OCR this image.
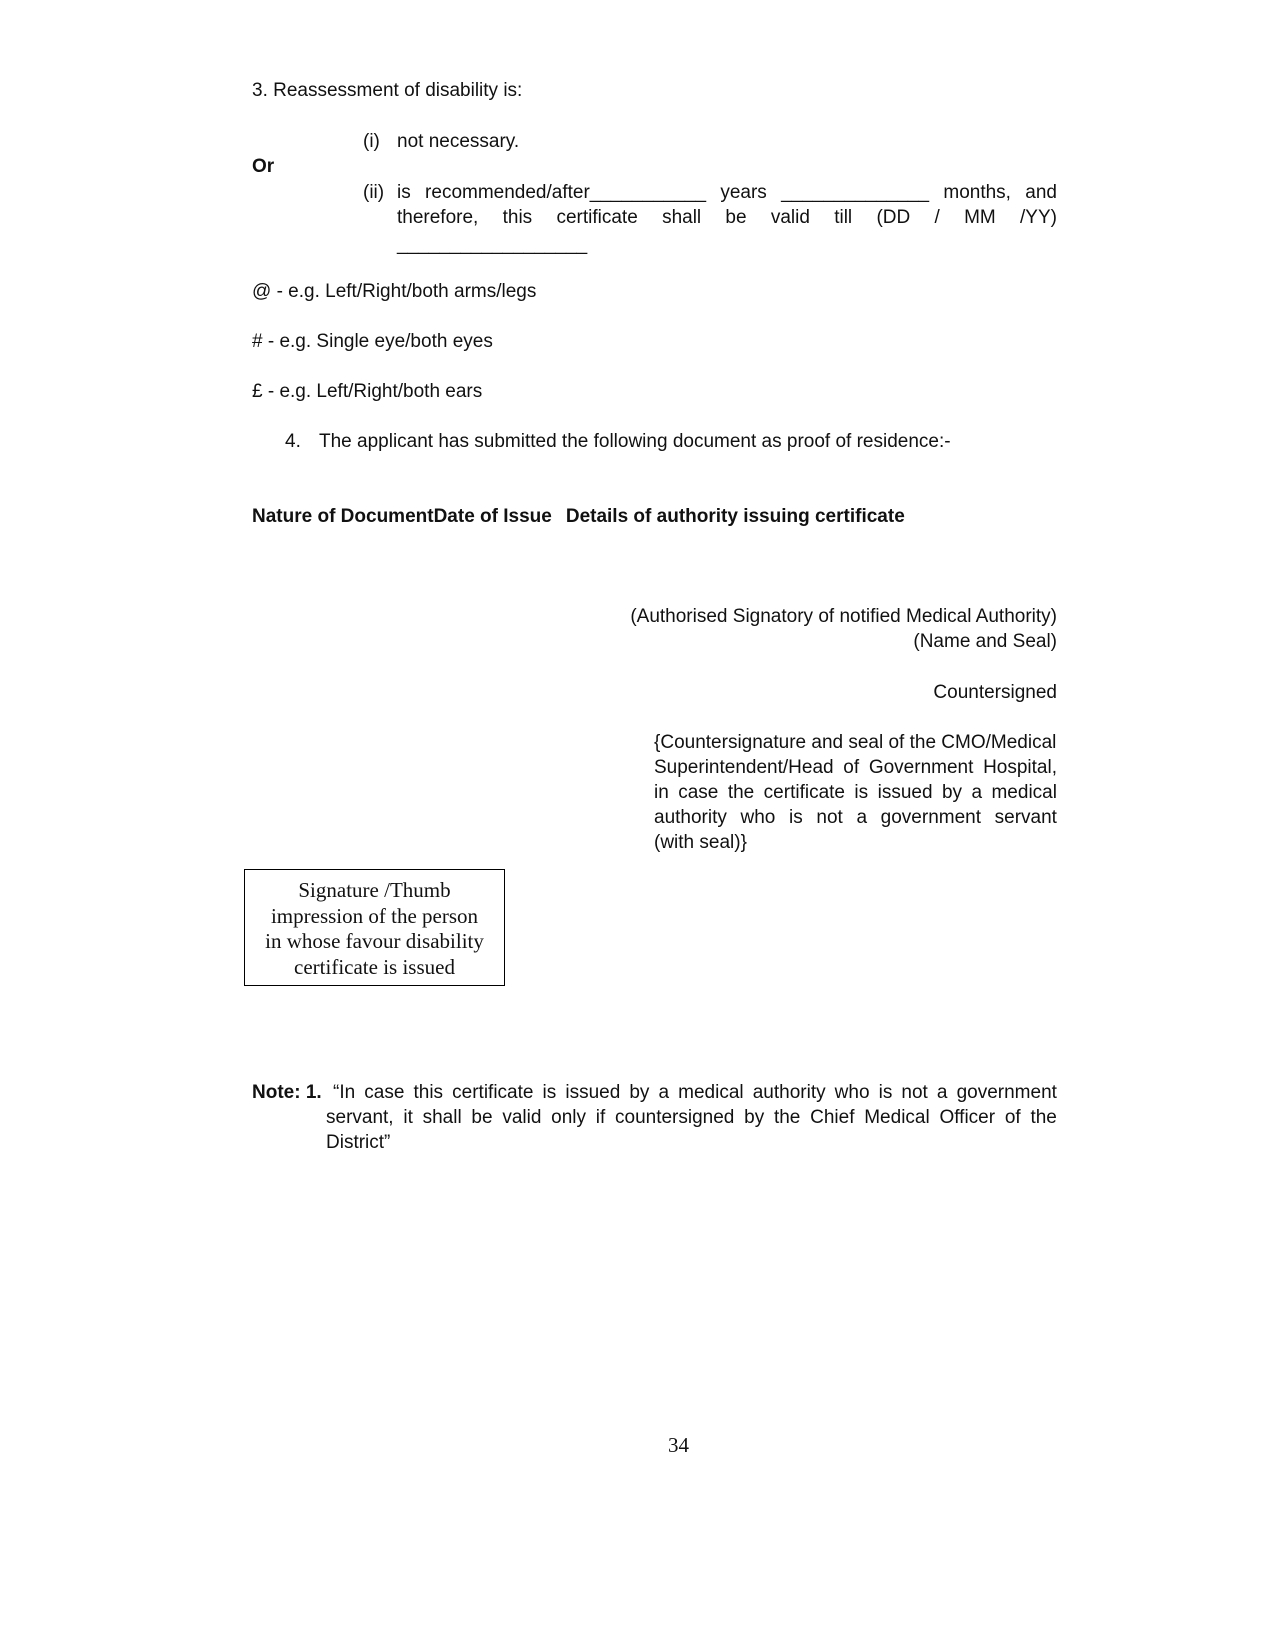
3. Reassessment of disability is:
(i) not necessary.
Or
(ii) is recommended/after___________ years ______________ months, and
therefore, this certificate shall be valid till (DD / MM /YY)
__________________
@ - e.g. Left/Right/both arms/legs
# - e.g. Single eye/both eyes
£ - e.g. Left/Right/both ears
4. The applicant has submitted the following document as proof of residence:-
Nature of DocumentDate of Issue Details of authority issuing certificate
(Authorised Signatory of notified Medical Authority)
(Name and Seal)
Countersigned
{Countersignature and seal of the CMO/Medical
Superintendent/Head of Government Hospital,
in case the certificate is issued by a medical
authority who is not a government servant
(with seal)}
Signature /Thumb
impression of the person
in whose favour disability
certificate is issued
Note: 1. “In case this certificate is issued by a medical authority who is not a government
servant, it shall be valid only if countersigned by the Chief Medical Officer of the
District”
34
